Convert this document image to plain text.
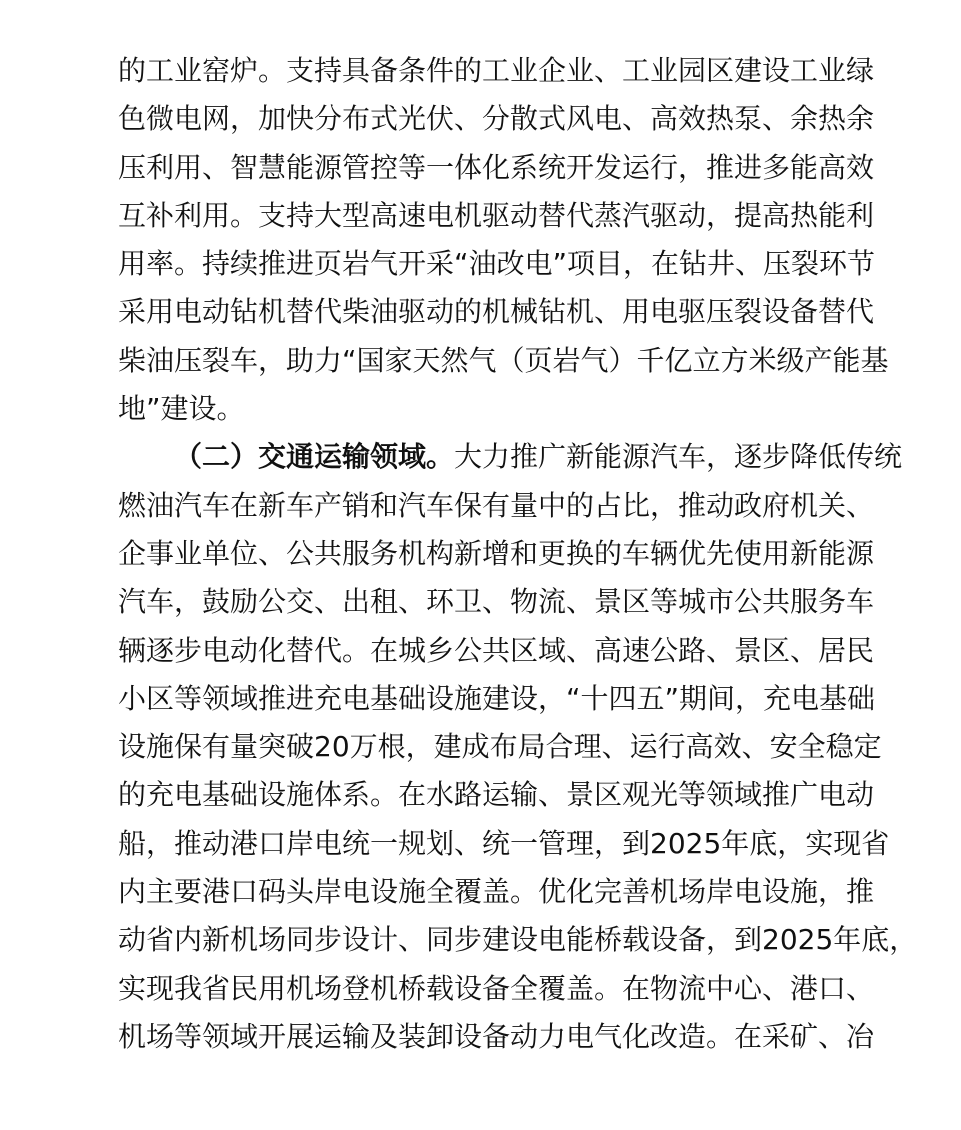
的工业窑炉。支持具备条件的工业企业、工业园区建设工业绿
色微电网，加快分布式光伏、分散式风电、高效热泵、余热余
压利用、智慧能源管控等一体化系统开发运行，推进多能高效
互补利用。支持大型高速电机驱动替代蒸汽驱动，提高热能利
用率。持续推进页岩气开采“油改电”项目，在钻井、压裂环节
采用电动钻机替代柴油驱动的机械钻机、用电驱压裂设备替代
柴油压裂车，助力“国家天然气（页岩气）千亿立方米级产能基
地”建设。
（二）交通运输领域。大力推广新能源汽车，逐步降低传统
燃油汽车在新车产销和汽车保有量中的占比，推动政府机关、
企事业单位、公共服务机构新增和更换的车辆优先使用新能源
汽车，鼓励公交、出租、环卫、物流、景区等城市公共服务车
辆逐步电动化替代。在城乡公共区域、高速公路、景区、居民
小区等领域推进充电基础设施建设，“十四五”期间，充电基础
设施保有量突破20万根，建成布局合理、运行高效、安全稳定
的充电基础设施体系。在水路运输、景区观光等领域推广电动
船，推动港口岸电统一规划、统一管理，到2025年底，实现省
内主要港口码头岸电设施全覆盖。优化完善机场岸电设施，推
动省内新机场同步设计、同步建设电能桥载设备，到2025年底，
实现我省民用机场登机桥载设备全覆盖。在物流中心、港口、
机场等领域开展运输及装卸设备动力电气化改造。在采矿、冶
